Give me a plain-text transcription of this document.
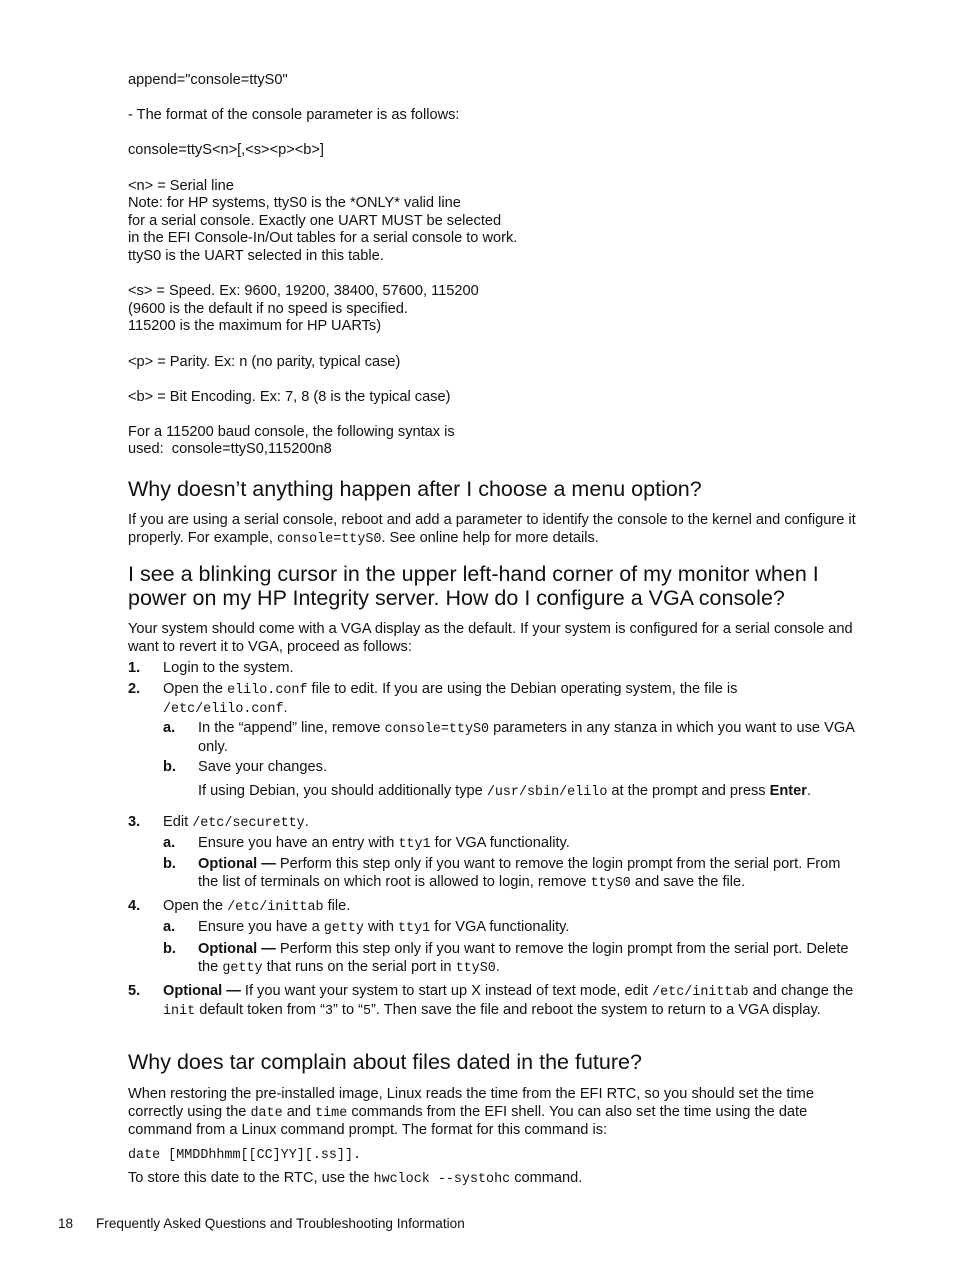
append="console=ttyS0"
- The format of the console parameter is as follows:
console=ttyS<n>[,<s><p><b>]
<n> = Serial line
Note: for HP systems, ttyS0 is the *ONLY* valid line
for a serial console. Exactly one UART MUST be selected
in the EFI Console-In/Out tables for a serial console to work.
ttyS0 is the UART selected in this table.
<s> = Speed. Ex: 9600, 19200, 38400, 57600, 115200
(9600 is the default if no speed is specified.
115200 is the maximum for HP UARTs)
<p> = Parity. Ex: n (no parity, typical case)
<b> = Bit Encoding. Ex: 7, 8 (8 is the typical case)
For a 115200 baud console, the following syntax is
used:  console=ttyS0,115200n8
Why doesn’t anything happen after I choose a menu option?
If you are using a serial console, reboot and add a parameter to identify the console to the kernel and configure it properly. For example, console=ttyS0. See online help for more details.
I see a blinking cursor in the upper left-hand corner of my monitor when I
power on my HP Integrity server. How do I configure a VGA console?
Your system should come with a VGA display as the default. If your system is configured for a serial console and want to revert it to VGA, proceed as follows:
1. Login to the system.
2. Open the elilo.conf file to edit. If you are using the Debian operating system, the file is
/etc/elilo.conf.
a. In the “append” line, remove console=ttyS0 parameters in any stanza in which you want to use VGA only.
b. Save your changes.
If using Debian, you should additionally type /usr/sbin/elilo at the prompt and press Enter.
3. Edit /etc/securetty.
a. Ensure you have an entry with tty1 for VGA functionality.
b. Optional — Perform this step only if you want to remove the login prompt from the serial port. From the list of terminals on which root is allowed to login, remove ttyS0 and save the file.
4. Open the /etc/inittab file.
a. Ensure you have a getty with tty1 for VGA functionality.
b. Optional — Perform this step only if you want to remove the login prompt from the serial port. Delete the getty that runs on the serial port in ttyS0.
5. Optional — If you want your system to start up X instead of text mode, edit /etc/inittab and change the init default token from “3” to “5”. Then save the file and reboot the system to return to a VGA display.
Why does tar complain about files dated in the future?
When restoring the pre-installed image, Linux reads the time from the EFI RTC, so you should set the time correctly using the date and time commands from the EFI shell. You can also set the time using the date command from a Linux command prompt. The format for this command is:
date [MMDDhhmm[[CC]YY][.ss]].
To store this date to the RTC, use the hwclock --systohc command.
18 Frequently Asked Questions and Troubleshooting Information
